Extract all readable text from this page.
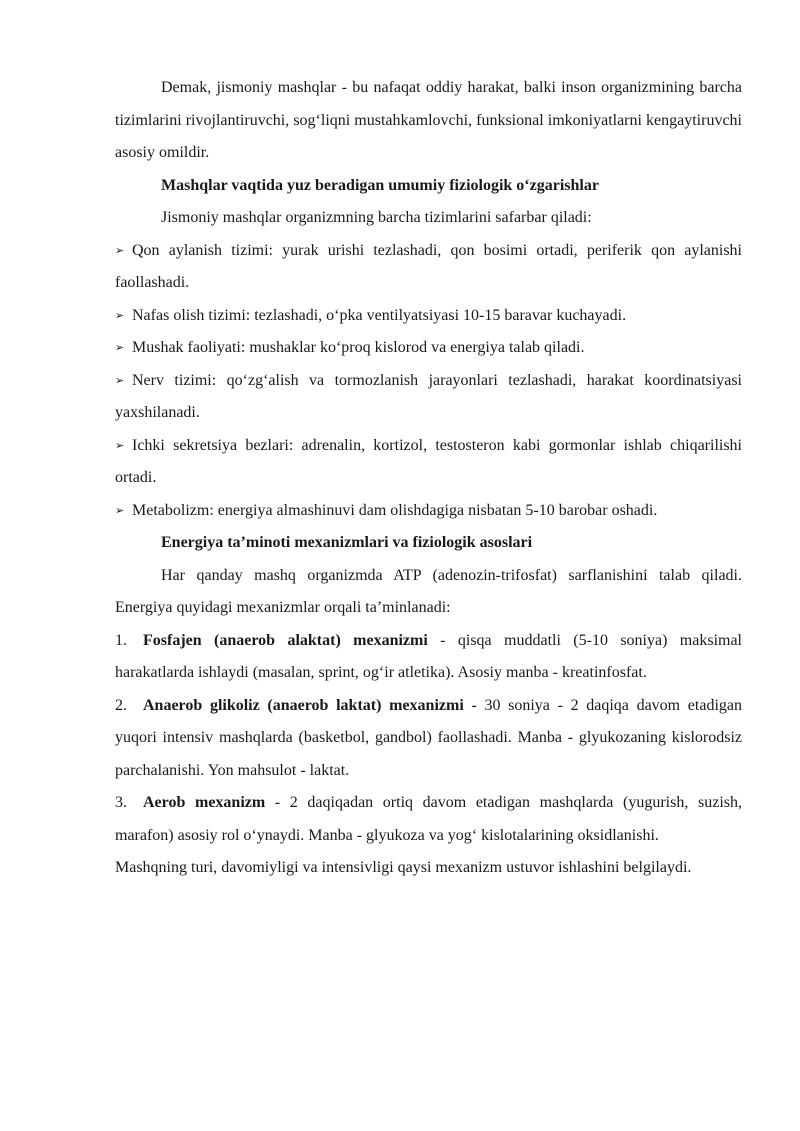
Demak, jismoniy mashqlar - bu nafaqat oddiy harakat, balki inson organizmining barcha tizimlarini rivojlantiruvchi, sog‘liqni mustahkamlovchi, funksional imkoniyatlarni kengaytiruvchi asosiy omildir.

Mashqlar vaqtida yuz beradigan umumiy fiziologik o‘zgarishlar

Jismoniy mashqlar organizmning barcha tizimlarini safarbar qiladi:

➢ Qon aylanish tizimi: yurak urishi tezlashadi, qon bosimi ortadi, periferik qon aylanishi faollashadi.

➢ Nafas olish tizimi: tezlashadi, o‘pka ventilyatsiyasi 10-15 baravar kuchayadi.

➢ Mushak faoliyati: mushaklar ko‘proq kislorod va energiya talab qiladi.

➢ Nerv tizimi: qo‘zg‘alish va tormozlanish jarayonlari tezlashadi, harakat koordinatsiyasi yaxshilanadi.

➢ Ichki sekretsiya bezlari: adrenalin, kortizol, testosteron kabi gormonlar ishlab chiqarilishi ortadi.

➢ Metabolizm: energiya almashinuvi dam olishdagiga nisbatan 5-10 barobar oshadi.

Energiya ta’minoti mexanizmlari va fiziologik asoslari

Har qanday mashq organizmda ATP (adenozin-trifosfat) sarflanishini talab qiladi. Energiya quyidagi mexanizmlar orqali ta’minlanadi:

1. Fosfajen (anaerob alaktat) mexanizmi - qisqa muddatli (5-10 soniya) maksimal harakatlarda ishlaydi (masalan, sprint, og‘ir atletika). Asosiy manba - kreatinfosfat.

2. Anaerob glikoliz (anaerob laktat) mexanizmi - 30 soniya - 2 daqiqa davom etadigan yuqori intensiv mashqlarda (basketbol, gandbol) faollashadi. Manba - glyukozaning kislorodsiz parchalanishi. Yon mahsulot - laktat.

3. Aerob mexanizm - 2 daqiqadan ortiq davom etadigan mashqlarda (yugurish, suzish, marafon) asosiy rol o‘ynaydi. Manba - glyukoza va yog‘ kislotalarining oksidlanishi.

Mashqning turi, davomiyligi va intensivligi qaysi mexanizm ustuvor ishlashini belgilaydi.
